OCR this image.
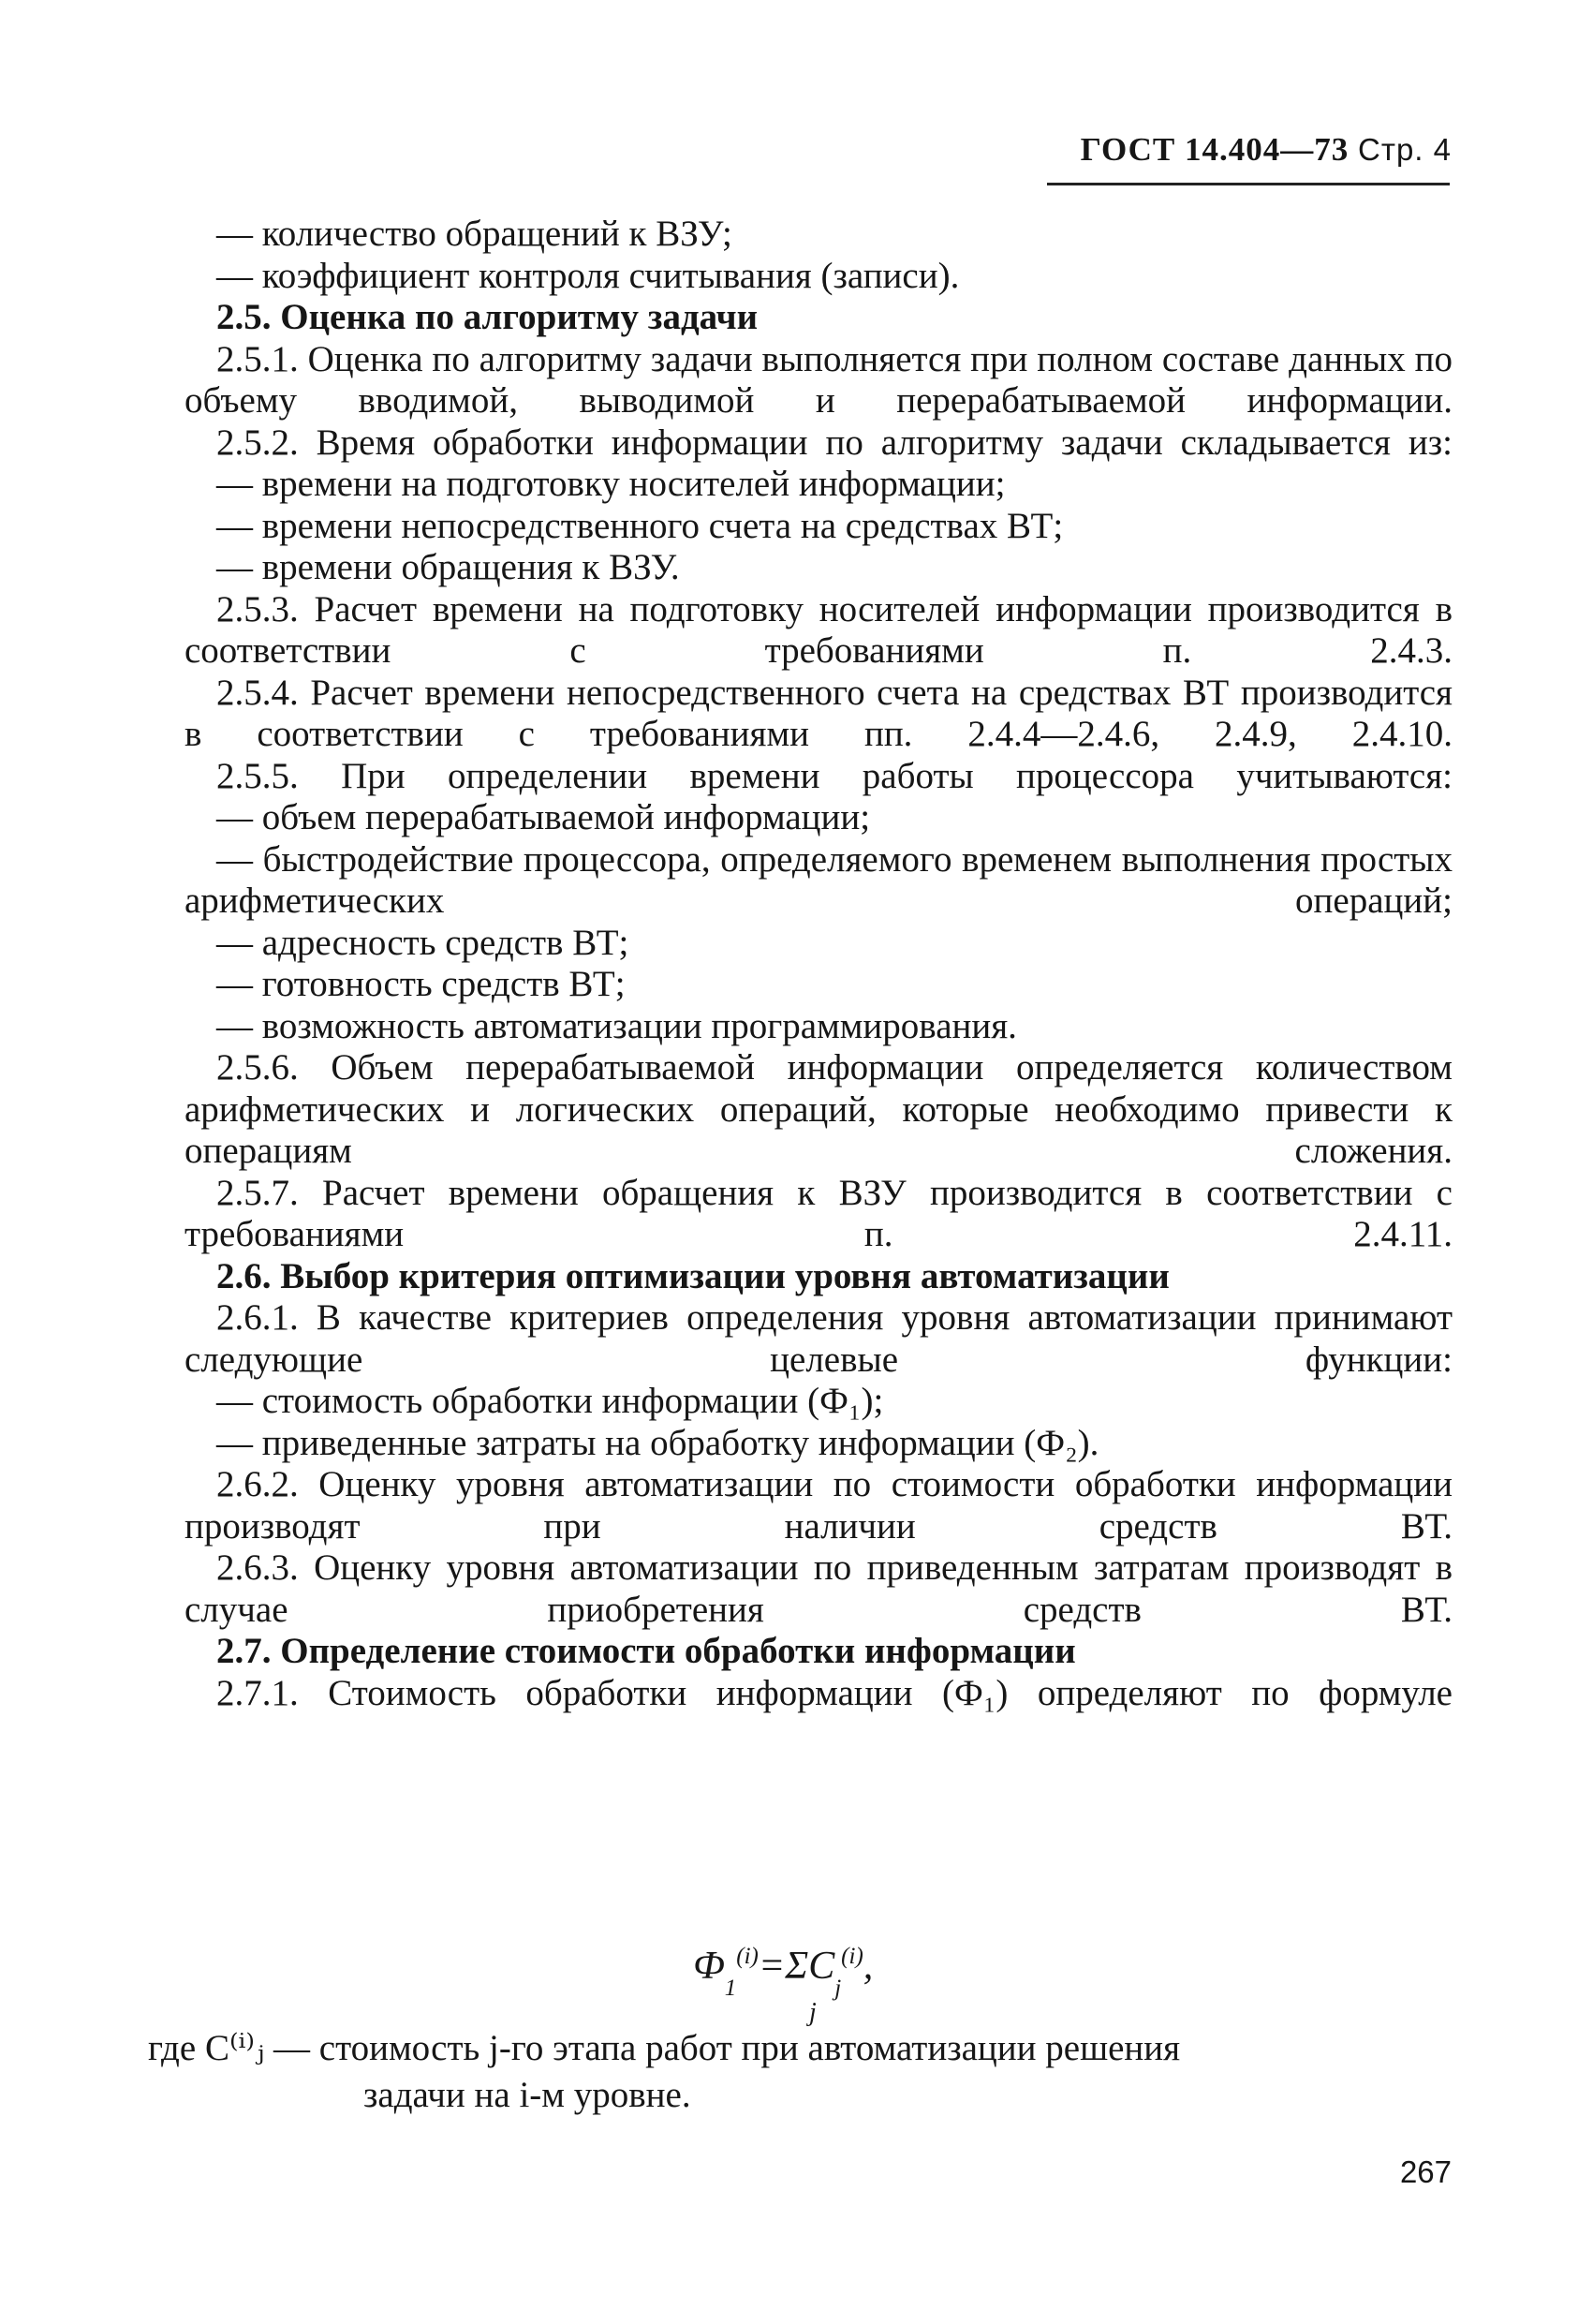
ГОСТ 14.404—73 Стр. 4

— количество обращений к ВЗУ;

— коэффициент контроля считывания (записи).

2.5. Оценка по алгоритму задачи

2.5.1. Оценка по алгоритму задачи выполняется при полном составе данных по объему вводимой, выводимой и перерабатываемой информации.

2.5.2. Время обработки информации по алгоритму задачи складывается из:

— времени на подготовку носителей информации;

— времени непосредственного счета на средствах ВТ;

— времени обращения к ВЗУ.

2.5.3. Расчет времени на подготовку носителей информации производится в соответствии с требованиями п. 2.4.3.

2.5.4. Расчет времени непосредственного счета на средствах ВТ производится в соответствии с требованиями пп. 2.4.4—2.4.6, 2.4.9, 2.4.10.

2.5.5. При определении времени работы процессора учитываются:

— объем перерабатываемой информации;

— быстродействие процессора, определяемого временем выполнения простых арифметических операций;

— адресность средств ВТ;

— готовность средств ВТ;

— возможность автоматизации программирования.

2.5.6. Объем перерабатываемой информации определяется количеством арифметических и логических операций, которые необходимо привести к операциям сложения.

2.5.7. Расчет времени обращения к ВЗУ производится в соответствии с требованиями п. 2.4.11.

2.6. Выбор критерия оптимизации уровня автоматизации

2.6.1. В качестве критериев определения уровня автоматизации принимают следующие целевые функции:

— стоимость обработки информации (Ф₁);

— приведенные затраты на обработку информации (Ф₂).

2.6.2. Оценку уровня автоматизации по стоимости обработки информации производят при наличии средств ВТ.

2.6.3. Оценку уровня автоматизации по приведенным затратам производят в случае приобретения средств ВТ.

2.7. Определение стоимости обработки информации

2.7.1. Стоимость обработки информации (Ф₁) определяют по формуле

$Ф_1^{(i)}=\Sigma C_j^{(i)}$,
j

где C⁽ⁱ⁾ⱼ — стоимость j-го этапа работ при автоматизации решения

задачи на i-м уровне.

267
